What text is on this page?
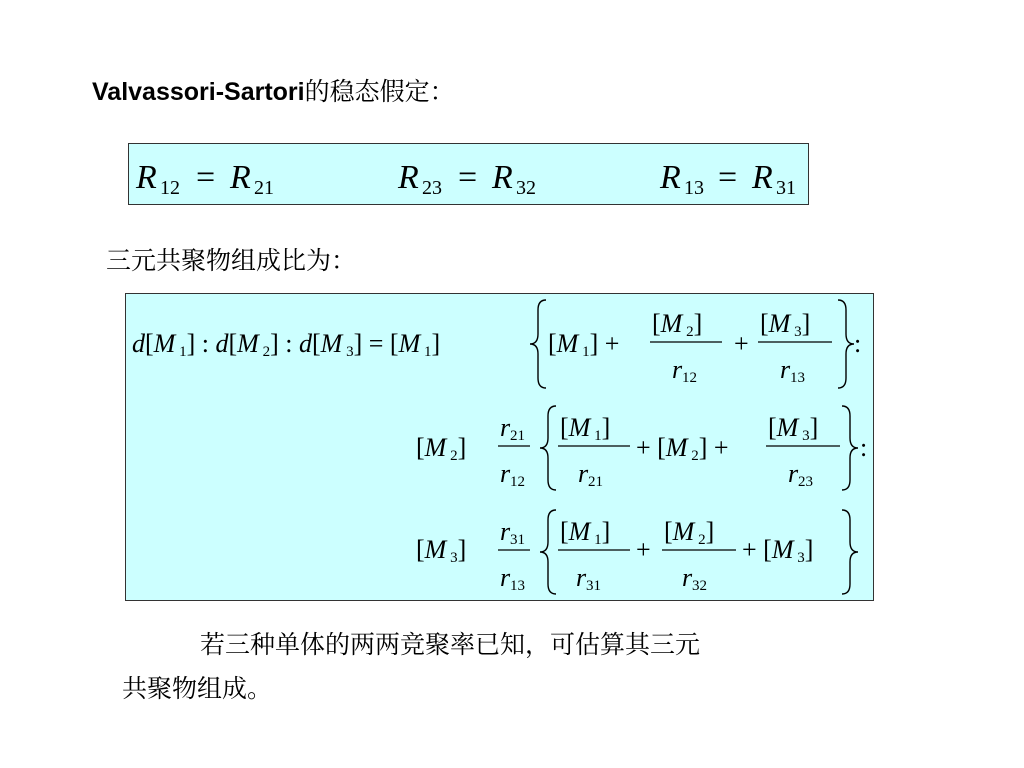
Valvassori-Sartori的稳态假定：
三元共聚物组成比为：
若三种单体的两两竞聚率已知，可估算其三元
共聚物组成。
R 12 = R 21	R 23 = R 32	R 13 = R 31
d[M 1] : d[M 2] : d[M 3] = [M 1]	[M 1] +
[M 2]
r 12
+
[M 3]
r 13
:
[M 2]
r 21
r 12
[M 1]
r 21
+ [M 2] +
[M 3]
r 23
:
[M 3]
r 31
r 13
[M 1]
r 31
+
[M 2]
r 32
+ [M 3]
